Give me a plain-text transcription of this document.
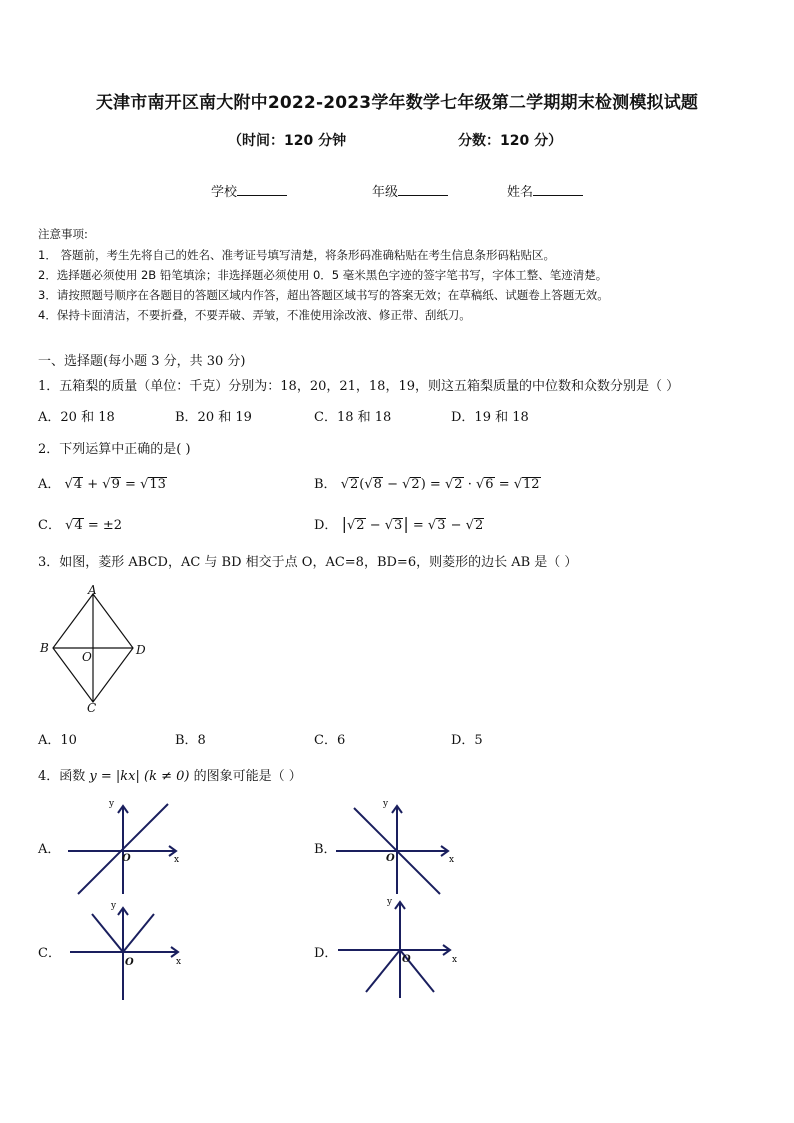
天津市南开区南大附中2022-2023学年数学七年级第二学期期末检测模拟试题
（时间：120 分钟	分数：120 分）
学校	年级	姓名
注意事项:
1． 答题前，考生先将自己的姓名、准考证号填写清楚，将条形码准确粘贴在考生信息条形码粘贴区。
2．选择题必须使用 2B 铅笔填涂；非选择题必须使用 0．5 毫米黑色字迹的签字笔书写，字体工整、笔迹清楚。
3．请按照题号顺序在各题目的答题区域内作答，超出答题区域书写的答案无效；在草稿纸、试题卷上答题无效。
4．保持卡面清洁，不要折叠，不要弄破、弄皱，不准使用涂改液、修正带、刮纸刀。
一、选择题(每小题 3 分，共 30 分)
1．五箱梨的质量（单位：千克）分别为：18，20，21，18，19，则这五箱梨质量的中位数和众数分别是（ ）
A．20 和 18	B．20 和 19	C．18 和 18	D．19 和 18
2．下列运算中正确的是( )
A． √4 + √9 = √13	B． √2(√8 − √2) = √2 · √6 = √12
C． √4 = ±2	D． |√2 − √3| = √3 − √2
3．如图，菱形 ABCD，AC 与 BD 相交于点 O，AC=8，BD=6，则菱形的边长 AB 是（ ）
A
B
O	D
C
A．10	B．8	C．6	D．5
4．函数 y = |kx| (k ≠ 0) 的图象可能是（ ）
A．	B．
C．	D．
y
x
O
y
x
O
y
x
O
y
x
O
